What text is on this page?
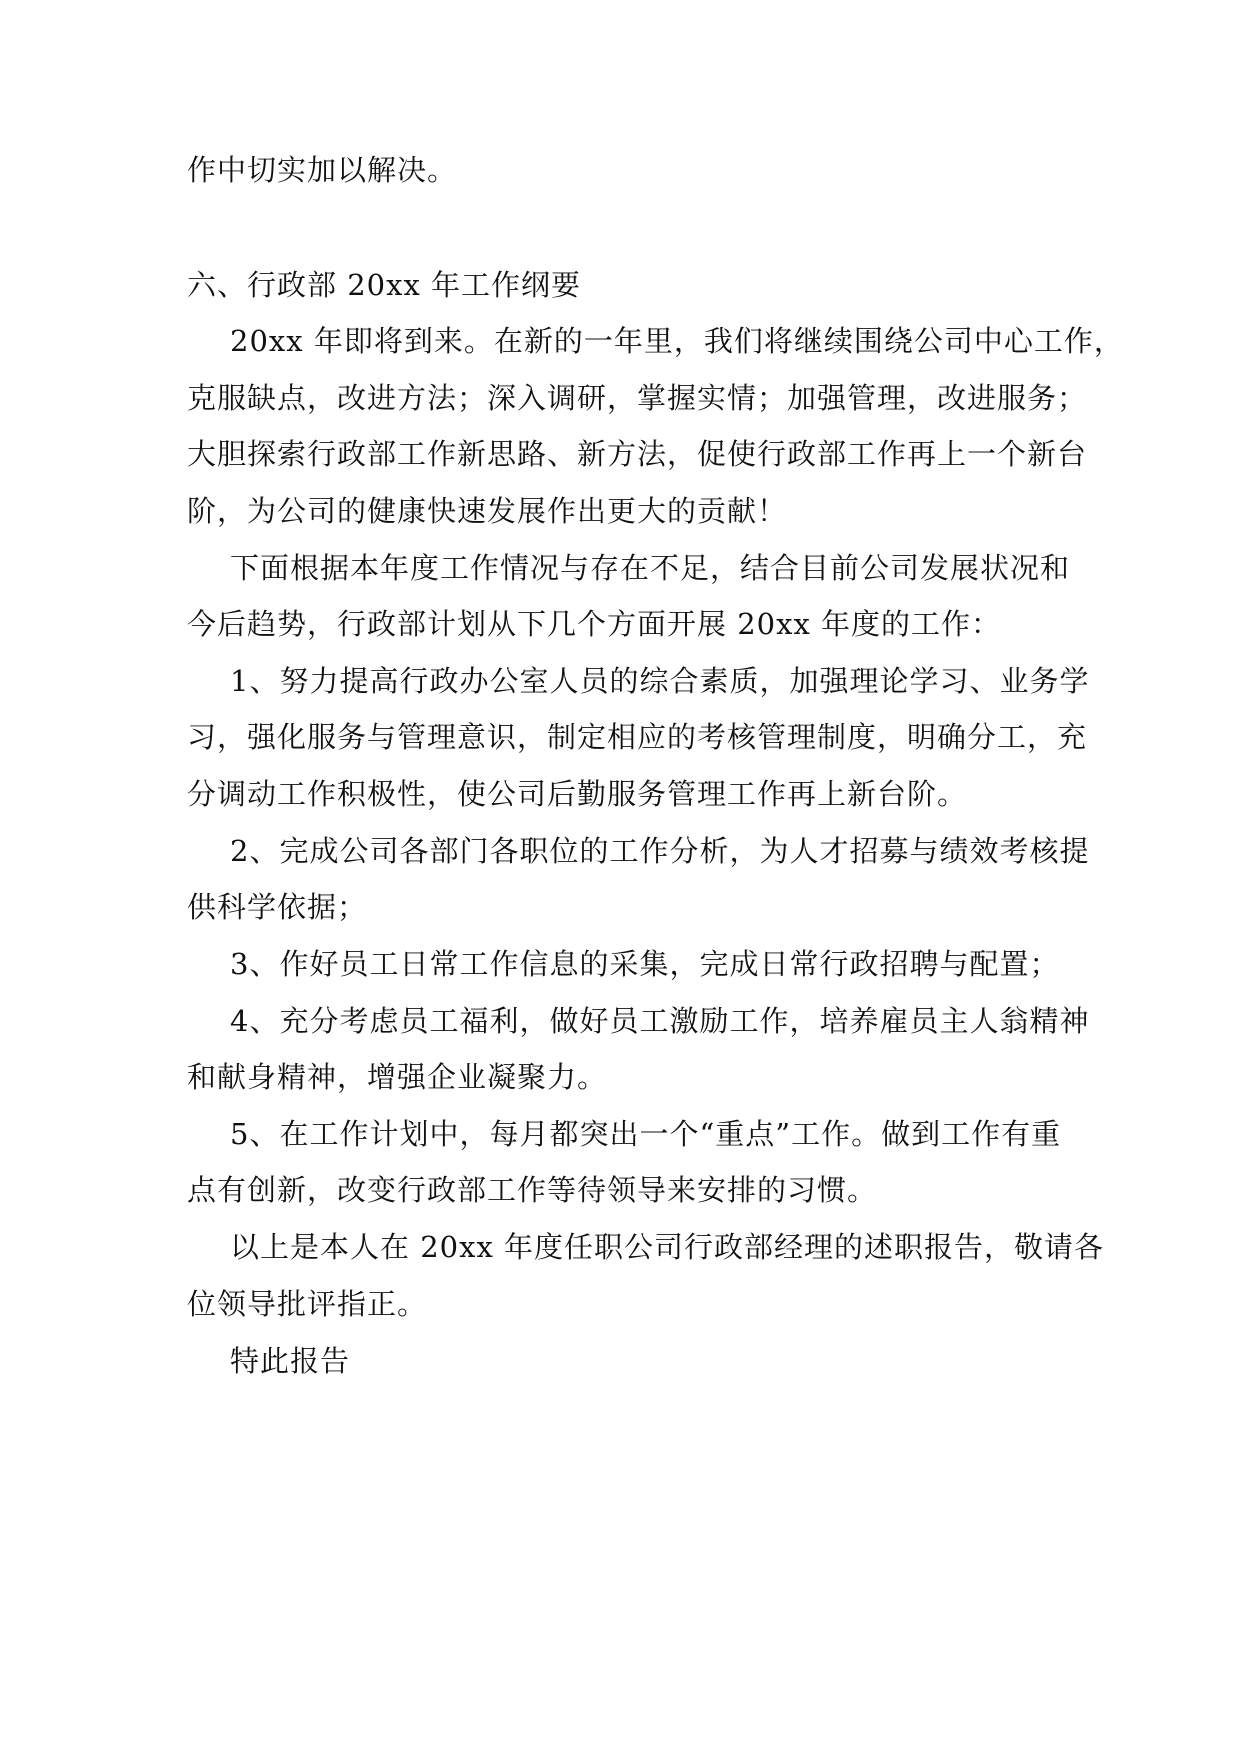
作中切实加以解决。
六、行政部 20xx 年工作纲要
20xx 年即将到来。在新的一年里，我们将继续围绕公司中心工作，
克服缺点，改进方法；深入调研，掌握实情；加强管理，改进服务；
大胆探索行政部工作新思路、新方法，促使行政部工作再上一个新台
阶，为公司的健康快速发展作出更大的贡献！
下面根据本年度工作情况与存在不足，结合目前公司发展状况和
今后趋势，行政部计划从下几个方面开展 20xx 年度的工作：
1、努力提高行政办公室人员的综合素质，加强理论学习、业务学
习，强化服务与管理意识，制定相应的考核管理制度，明确分工，充
分调动工作积极性，使公司后勤服务管理工作再上新台阶。
2、完成公司各部门各职位的工作分析，为人才招募与绩效考核提
供科学依据；
3、作好员工日常工作信息的采集，完成日常行政招聘与配置；
4、充分考虑员工福利，做好员工激励工作，培养雇员主人翁精神
和献身精神，增强企业凝聚力。
5、在工作计划中，每月都突出一个“重点”工作。做到工作有重
点有创新，改变行政部工作等待领导来安排的习惯。
以上是本人在 20xx 年度任职公司行政部经理的述职报告，敬请各
位领导批评指正。
特此报告
